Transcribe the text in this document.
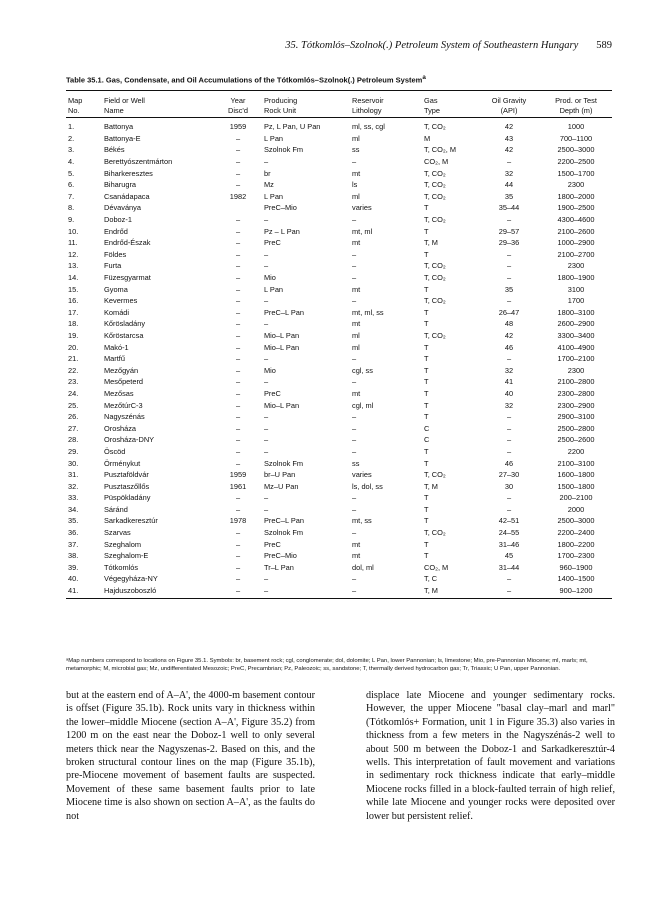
35. Tótkomlós–Szolnok(.) Petroleum System of Southeastern Hungary 589
Table 35.1. Gas, Condensate, and Oil Accumulations of the Tótkomlós–Szolnok(.) Petroleum System$^a$
Map	Field or Well	Year	Producing	Reservoir	Gas	Oil Gravity	Prod. or Test
No.	Name	Disc'd	Rock Unit	Lithology	Type	(API)	Depth (m)
1.	Battonya	1959	Pz, L Pan, U Pan	ml, ss, cgl	T, CO₂	42	1000
2.	Battonya-E	–	L Pan	ml	M	43	700–1100
3.	Békés	–	Szolnok Fm	ss	T, CO₂, M	42	2500–3000
4.	Berettyószentmárton	–	–	–	CO₂, M	–	2200–2500
5.	Biharkeresztes	–	br	mt	T, CO₂	32	1500–1700
6.	Biharugra	–	Mz	ls	T, CO₂	44	2300
7.	Csanádapaca	1982	L Pan	ml	T, CO₂	35	1800–2000
8.	Dévaványa		PreC–Mio	varies	T	35–44	1900–2500
9.	Doboz-1	–	–	–	T, CO₂	–	4300–4600
10.	Endrőd	–	Pz – L Pan	mt, ml	T	29–57	2100–2600
11.	Endrőd-Észak	–	PreC	mt	T, M	29–36	1000–2900
12.	Földes	–	–	–	T	–	2100–2700
13.	Furta	–	–	–	T, CO₂	–	2300
14.	Füzesgyarmat	–	Mio	–	T, CO₂	–	1800–1900
15.	Gyoma	–	L Pan	mt	T	35	3100
16.	Kevermes	–	–	–	T, CO₂	–	1700
17.	Komádi	–	PreC–L Pan	mt, ml, ss	T	26–47	1800–3100
18.	Kőrösladány	–	–	mt	T	48	2600–2900
19.	Kőröstarcsa	–	Mio–L Pan	ml	T, CO₂	42	3300–3400
20.	Makó-1	–	Mio–L Pan	ml	T	46	4100–4900
21.	Martfű	–	–	–	T	–	1700–2100
22.	Mezőgyán	–	Mio	cgl, ss	T	32	2300
23.	Mesőpeterd	–	–	–	T	41	2100–2800
24.	Mezősas	–	PreC	mt	T	40	2300–2800
25.	MezőtúrC-3	–	Mio–L Pan	cgl, ml	T	32	2300–2900
26.	Nagyszénás	–	–	–	T	–	2900–3100
27.	Orosháza	–	–	–	C	–	2500–2800
28.	Orosháza-DNY	–	–	–	C	–	2500–2600
29.	Öscöd	–	–	–	T	–	2200
30.	Örménykut	–	Szolnok Fm	ss	T	46	2100–3100
31.	Pusztaföldvár	1959	br–U Pan	varies	T, CO₂	27–30	1600–1800
32.	Pusztaszőllős	1961	Mz–U Pan	ls, dol, ss	T, M	30	1500–1800
33.	Püspökladány	–	–	–	T	–	200–2100
34.	Sáránd	–	–	–	T	–	2000
35.	Sarkadkeresztúr	1978	PreC–L Pan	mt, ss	T	42–51	2500–3000
36.	Szarvas	–	Szolnok Fm	–	T, CO₂	24–55	2200–2400
37.	Szeghalom	–	PreC	mt	T	31–46	1800–2200
38.	Szeghalom-E	–	PreC–Mio	mt	T	45	1700–2300
39.	Tótkomlós	–	Tr–L Pan	dol, ml	CO₂, M	31–44	960–1900
40.	Végegyháza-NY	–	–	–	T, C	–	1400–1500
41.	Hajduszoboszló	–	–	–	T, M	–	900–1200
ᵃMap numbers correspond to locations on Figure 35.1. Symbols: br, basement rock; cgl, conglomerate; dol, dolomite; L Pan, lower Pannonian; ls, limestone; Mio, pre-Pannonian Miocene; ml, marls; mt, metamorphic; M, microbial gas; Mz, undifferentiated Mesozoic; PreC, Precambrian; Pz, Paleozoic; ss, sandstone; T, thermally derived hydrocarbon gas; Tr, Triassic; U Pan, upper Pannonian.
but at the eastern end of A–A', the 4000-m basement contour is offset (Figure 35.1b). Rock units vary in thickness within the lower–middle Miocene (section A–A', Figure 35.2) from 1200 m on the east near the Doboz-1 well to only several meters thick near the Nagyszenas-2. Based on this, and the broken structural contour lines on the map (Figure 35.1b), pre-Miocene movement of basement faults are suspected. Movement of these same basement faults prior to late Miocene time is also shown on section A–A', as the faults do not
displace late Miocene and younger sedimentary rocks. However, the upper Miocene "basal clay–marl and marl" (Tótkomlós+ Formation, unit 1 in Figure 35.3) also varies in thickness from a few meters in the Nagyszénás-2 well to about 500 m between the Doboz-1 and Sarkadkeresztúr-4 wells. This interpretation of fault movement and variations in sedimentary rock thickness indicate that early–middle Miocene rocks filled in a block-faulted terrain of high relief, while late Miocene and younger rocks were deposited over lower but persistent relief.
